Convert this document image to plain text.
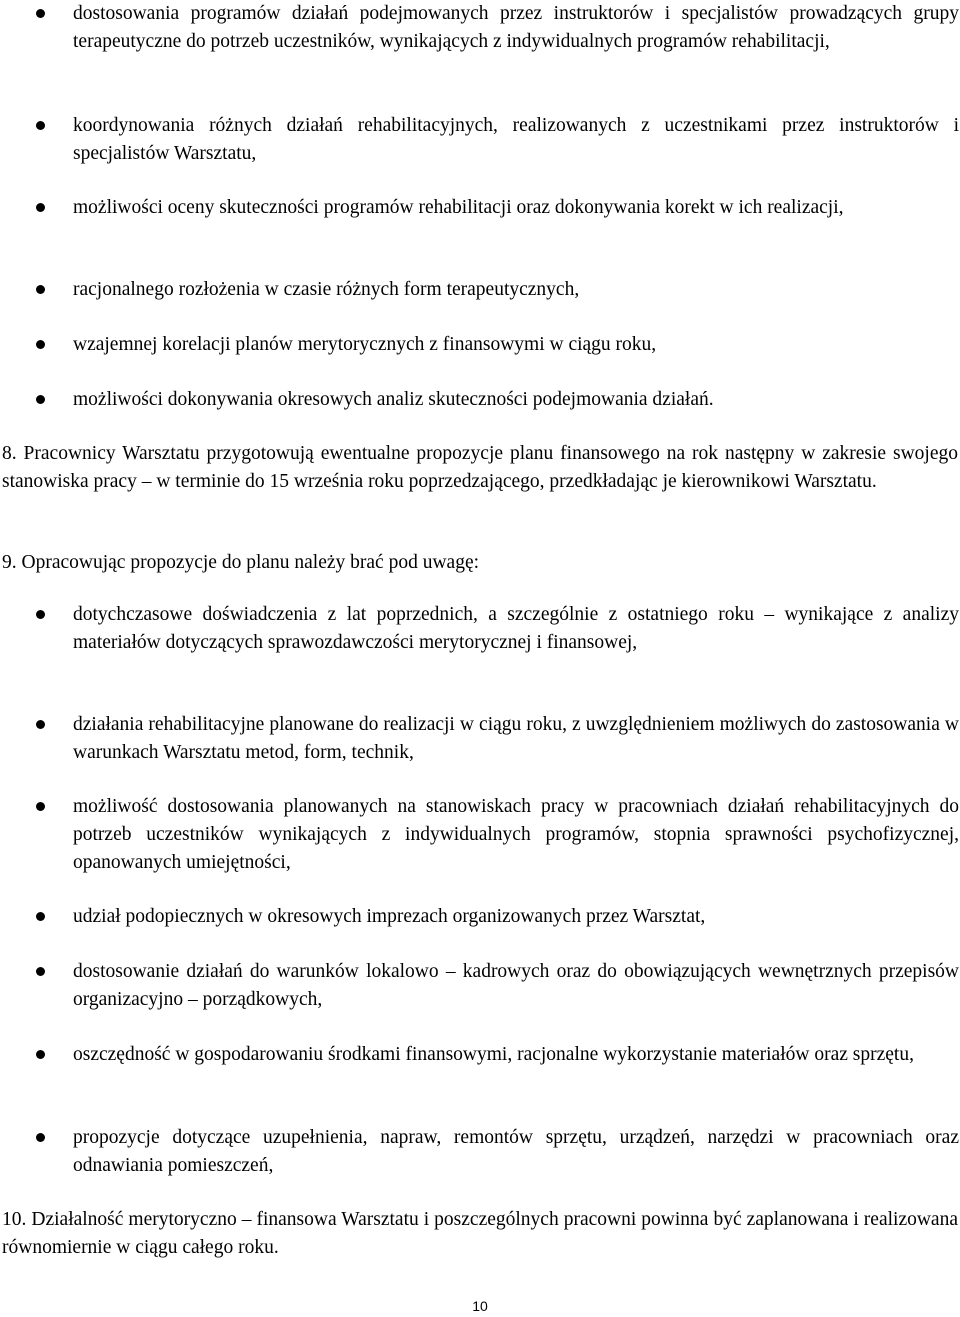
dostosowania programów działań podejmowanych przez instruktorów i specjalistów prowadzących grupy terapeutyczne do potrzeb uczestników, wynikających z indywidualnych programów rehabilitacji,
koordynowania różnych działań rehabilitacyjnych, realizowanych z uczestnikami przez instruktorów i specjalistów Warsztatu,
możliwości oceny skuteczności programów rehabilitacji oraz dokonywania korekt w ich realizacji,
racjonalnego rozłożenia w czasie różnych form terapeutycznych,
wzajemnej korelacji planów merytorycznych z finansowymi w ciągu roku,
możliwości dokonywania okresowych analiz skuteczności podejmowania działań.

8. Pracownicy Warsztatu przygotowują ewentualne propozycje planu finansowego na rok następny w zakresie swojego stanowiska pracy – w terminie do 15 września roku poprzedzającego, przedkładając je kierownikowi Warsztatu.

9. Opracowując propozycje do planu należy brać pod uwagę:

dotychczasowe doświadczenia z lat poprzednich, a szczególnie z ostatniego roku – wynikające z analizy materiałów dotyczących sprawozdawczości merytorycznej i finansowej,
działania rehabilitacyjne planowane do realizacji w ciągu roku, z uwzględnieniem możliwych do zastosowania w warunkach Warsztatu metod, form, technik,
możliwość dostosowania planowanych na stanowiskach pracy w pracowniach działań rehabilitacyjnych do potrzeb uczestników wynikających z indywidualnych programów, stopnia sprawności psychofizycznej, opanowanych umiejętności,
udział podopiecznych w okresowych imprezach organizowanych przez Warsztat,
dostosowanie działań do warunków lokalowo – kadrowych oraz do obowiązujących wewnętrznych przepisów organizacyjno – porządkowych,
oszczędność w gospodarowaniu środkami finansowymi, racjonalne wykorzystanie materiałów oraz sprzętu,
propozycje dotyczące uzupełnienia, napraw, remontów sprzętu, urządzeń, narzędzi w pracowniach oraz odnawiania pomieszczeń,

10. Działalność merytoryczno – finansowa Warsztatu i poszczególnych pracowni powinna być zaplanowana i realizowana równomiernie w ciągu całego roku.

10
